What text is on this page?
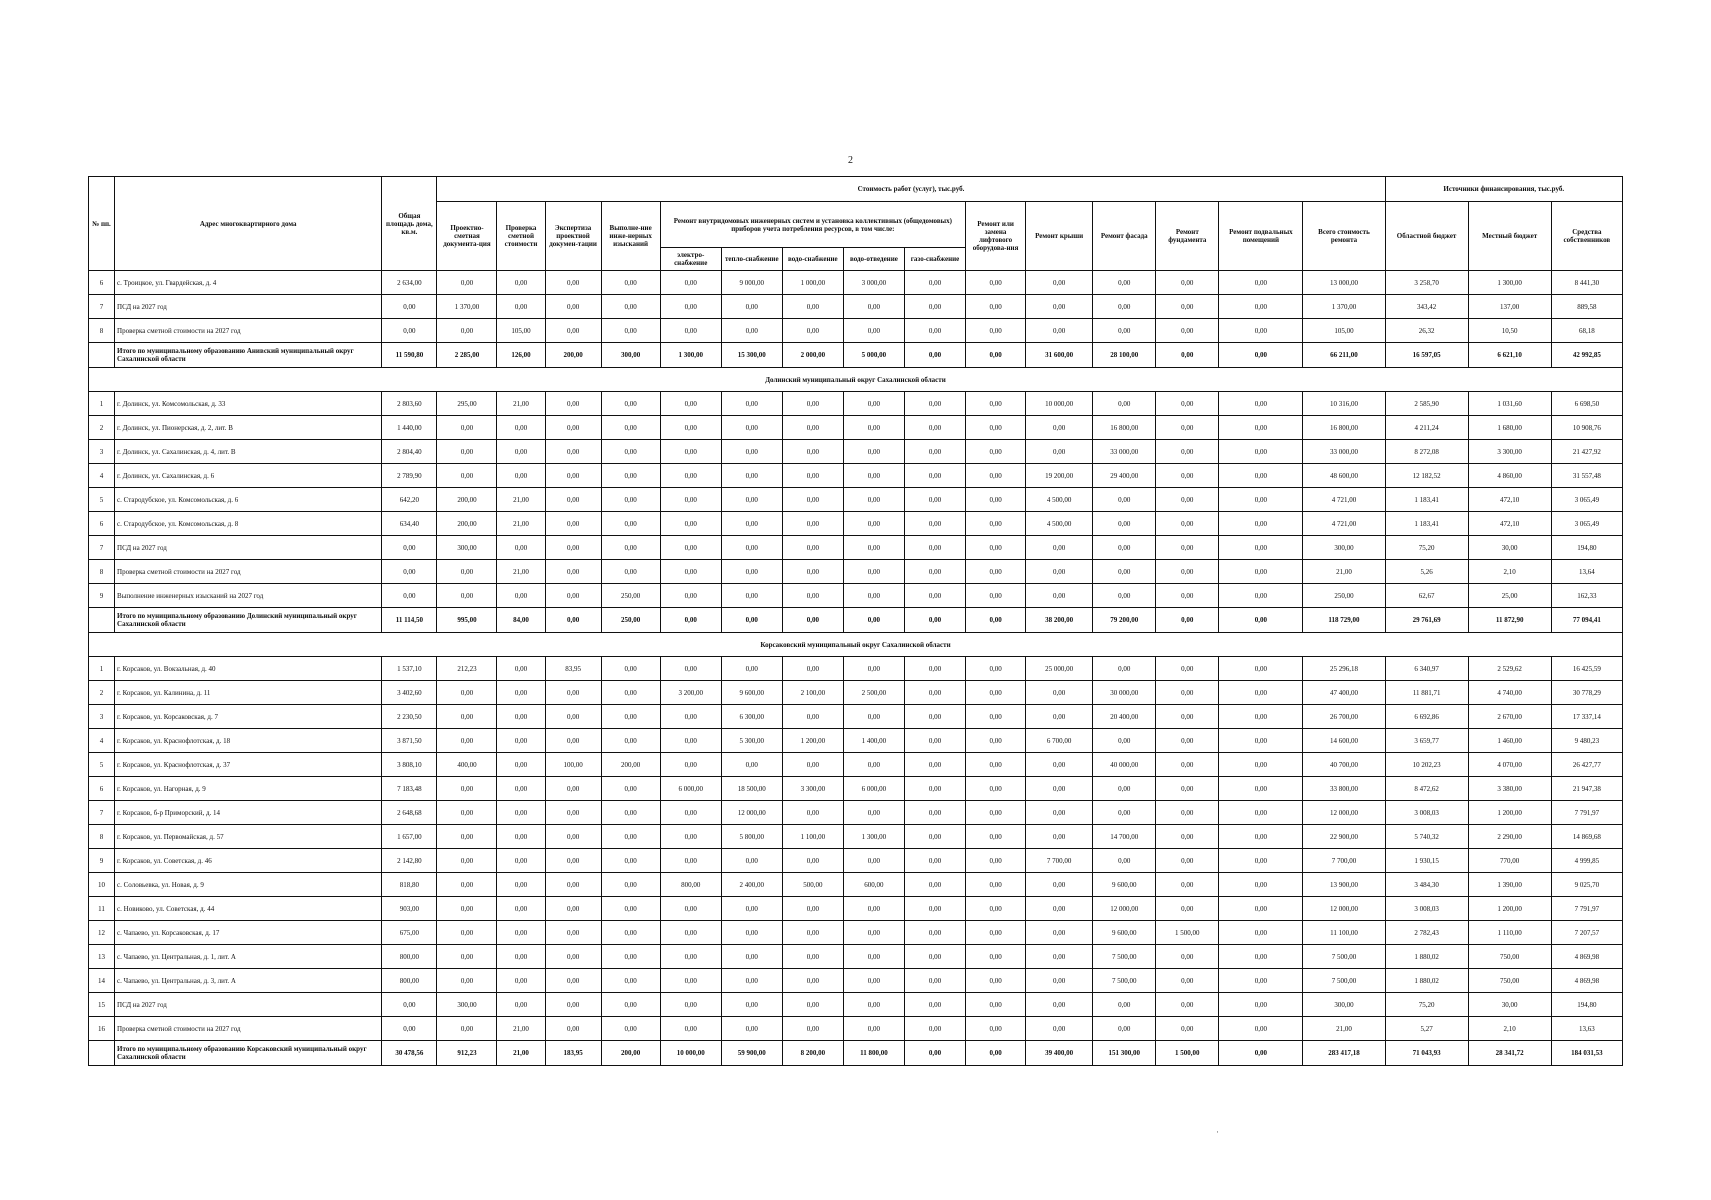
2
№ пп.	Адрес многоквартирного дома	Общая площадь дома, кв.м.	Стоимость работ (услуг), тыс.руб.															Источники финансирования, тыс.руб.		
			Проектно-сметная документа-ция	Проверка сметной стоимости	Экспертиза проектной докумен-тации	Выполне-ние инже-нерных изысканий	Ремонт внутридомовых инженерных систем и установка коллективных (общедомовых) приборов учета потребления ресурсов, в том числе:					Ремонт или замена лифтового оборудова-ния	Ремонт крыши	Ремонт фасада	Ремонт фундамента	Ремонт подвальных помещений	Всего стоимость ремонта	Областной бюджет	Местный бюджет	Средства собственников
							электро-снабжение	тепло-снабжение	водо-снабжение	водо-отведение	газо-снабжение									
6	с. Троицкое, ул. Гвардейская, д. 4	2 634,00	0,00	0,00	0,00	0,00	0,00	9 000,00	1 000,00	3 000,00	0,00	0,00	0,00	0,00	0,00	0,00	13 000,00	3 258,70	1 300,00	8 441,30
7	ПСД на 2027 год	0,00	1 370,00	0,00	0,00	0,00	0,00	0,00	0,00	0,00	0,00	0,00	0,00	0,00	0,00	0,00	1 370,00	343,42	137,00	889,58
8	Проверка сметной стоимости на 2027 год	0,00	0,00	105,00	0,00	0,00	0,00	0,00	0,00	0,00	0,00	0,00	0,00	0,00	0,00	0,00	105,00	26,32	10,50	68,18
	Итого по муниципальному образованию Анивский муниципальный округ Сахалинской области	11 590,80	2 285,00	126,00	200,00	300,00	1 300,00	15 300,00	2 000,00	5 000,00	0,00	0,00	31 600,00	28 100,00	0,00	0,00	66 211,00	16 597,05	6 621,10	42 992,85
Долинский муниципальный округ Сахалинской области																				
1	г. Долинск, ул. Комсомольская, д. 33	2 803,60	295,00	21,00	0,00	0,00	0,00	0,00	0,00	0,00	0,00	0,00	10 000,00	0,00	0,00	0,00	10 316,00	2 585,90	1 031,60	6 698,50
2	г. Долинск, ул. Пионерская, д. 2, лит. В	1 440,00	0,00	0,00	0,00	0,00	0,00	0,00	0,00	0,00	0,00	0,00	0,00	16 800,00	0,00	0,00	16 800,00	4 211,24	1 680,00	10 908,76
3	г. Долинск, ул. Сахалинская, д. 4, лит. В	2 804,40	0,00	0,00	0,00	0,00	0,00	0,00	0,00	0,00	0,00	0,00	0,00	33 000,00	0,00	0,00	33 000,00	8 272,08	3 300,00	21 427,92
4	г. Долинск, ул. Сахалинская, д. 6	2 789,90	0,00	0,00	0,00	0,00	0,00	0,00	0,00	0,00	0,00	0,00	19 200,00	29 400,00	0,00	0,00	48 600,00	12 182,52	4 860,00	31 557,48
5	с. Стародубское, ул. Комсомольская, д. 6	642,20	200,00	21,00	0,00	0,00	0,00	0,00	0,00	0,00	0,00	0,00	4 500,00	0,00	0,00	0,00	4 721,00	1 183,41	472,10	3 065,49
6	с. Стародубское, ул. Комсомольская, д. 8	634,40	200,00	21,00	0,00	0,00	0,00	0,00	0,00	0,00	0,00	0,00	4 500,00	0,00	0,00	0,00	4 721,00	1 183,41	472,10	3 065,49
7	ПСД на 2027 год	0,00	300,00	0,00	0,00	0,00	0,00	0,00	0,00	0,00	0,00	0,00	0,00	0,00	0,00	0,00	300,00	75,20	30,00	194,80
8	Проверка сметной стоимости на 2027 год	0,00	0,00	21,00	0,00	0,00	0,00	0,00	0,00	0,00	0,00	0,00	0,00	0,00	0,00	0,00	21,00	5,26	2,10	13,64
9	Выполнение инженерных изысканий на 2027 год	0,00	0,00	0,00	0,00	250,00	0,00	0,00	0,00	0,00	0,00	0,00	0,00	0,00	0,00	0,00	250,00	62,67	25,00	162,33
	Итого по муниципальному образованию Долинский муниципальный округ Сахалинской области	11 114,50	995,00	84,00	0,00	250,00	0,00	0,00	0,00	0,00	0,00	0,00	38 200,00	79 200,00	0,00	0,00	118 729,00	29 761,69	11 872,90	77 094,41
Корсаковский муниципальный округ Сахалинской области																				
1	г. Корсаков, ул. Вокзальная, д. 40	1 537,10	212,23	0,00	83,95	0,00	0,00	0,00	0,00	0,00	0,00	0,00	25 000,00	0,00	0,00	0,00	25 296,18	6 340,97	2 529,62	16 425,59
2	г. Корсаков, ул. Калинина, д. 11	3 402,60	0,00	0,00	0,00	0,00	3 200,00	9 600,00	2 100,00	2 500,00	0,00	0,00	0,00	30 000,00	0,00	0,00	47 400,00	11 881,71	4 740,00	30 778,29
3	г. Корсаков, ул. Корсаковская, д. 7	2 230,50	0,00	0,00	0,00	0,00	0,00	6 300,00	0,00	0,00	0,00	0,00	0,00	20 400,00	0,00	0,00	26 700,00	6 692,86	2 670,00	17 337,14
4	г. Корсаков, ул. Краснофлотская, д. 18	3 871,50	0,00	0,00	0,00	0,00	0,00	5 300,00	1 200,00	1 400,00	0,00	0,00	6 700,00	0,00	0,00	0,00	14 600,00	3 659,77	1 460,00	9 480,23
5	г. Корсаков, ул. Краснофлотская, д. 37	3 808,10	400,00	0,00	100,00	200,00	0,00	0,00	0,00	0,00	0,00	0,00	0,00	40 000,00	0,00	0,00	40 700,00	10 202,23	4 070,00	26 427,77
6	г. Корсаков, ул. Нагорная, д. 9	7 183,48	0,00	0,00	0,00	0,00	6 000,00	18 500,00	3 300,00	6 000,00	0,00	0,00	0,00	0,00	0,00	0,00	33 800,00	8 472,62	3 380,00	21 947,38
7	г. Корсаков, б-р Приморский, д. 14	2 648,68	0,00	0,00	0,00	0,00	0,00	12 000,00	0,00	0,00	0,00	0,00	0,00	0,00	0,00	0,00	12 000,00	3 008,03	1 200,00	7 791,97
8	г. Корсаков, ул. Первомайская, д. 57	1 657,00	0,00	0,00	0,00	0,00	0,00	5 800,00	1 100,00	1 300,00	0,00	0,00	0,00	14 700,00	0,00	0,00	22 900,00	5 740,32	2 290,00	14 869,68
9	г. Корсаков, ул. Советская, д. 46	2 142,80	0,00	0,00	0,00	0,00	0,00	0,00	0,00	0,00	0,00	0,00	7 700,00	0,00	0,00	0,00	7 700,00	1 930,15	770,00	4 999,85
10	с. Соловьевка, ул. Новая, д. 9	818,80	0,00	0,00	0,00	0,00	800,00	2 400,00	500,00	600,00	0,00	0,00	0,00	9 600,00	0,00	0,00	13 900,00	3 484,30	1 390,00	9 025,70
11	с. Новиково, ул. Советская, д. 44	903,00	0,00	0,00	0,00	0,00	0,00	0,00	0,00	0,00	0,00	0,00	0,00	12 000,00	0,00	0,00	12 000,00	3 008,03	1 200,00	7 791,97
12	с. Чапаево, ул. Корсаковская, д. 17	675,00	0,00	0,00	0,00	0,00	0,00	0,00	0,00	0,00	0,00	0,00	0,00	9 600,00	1 500,00	0,00	11 100,00	2 782,43	1 110,00	7 207,57
13	с. Чапаево, ул. Центральная, д. 1, лит. А	800,00	0,00	0,00	0,00	0,00	0,00	0,00	0,00	0,00	0,00	0,00	0,00	7 500,00	0,00	0,00	7 500,00	1 880,02	750,00	4 869,98
14	с. Чапаево, ул. Центральная, д. 3, лит. А	800,00	0,00	0,00	0,00	0,00	0,00	0,00	0,00	0,00	0,00	0,00	0,00	7 500,00	0,00	0,00	7 500,00	1 880,02	750,00	4 869,98
15	ПСД на 2027 год	0,00	300,00	0,00	0,00	0,00	0,00	0,00	0,00	0,00	0,00	0,00	0,00	0,00	0,00	0,00	300,00	75,20	30,00	194,80
16	Проверка сметной стоимости на 2027 год	0,00	0,00	21,00	0,00	0,00	0,00	0,00	0,00	0,00	0,00	0,00	0,00	0,00	0,00	0,00	21,00	5,27	2,10	13,63
	Итого по муниципальному образованию Корсаковский муниципальный округ Сахалинской области	30 478,56	912,23	21,00	183,95	200,00	10 000,00	59 900,00	8 200,00	11 800,00	0,00	0,00	39 400,00	151 300,00	1 500,00	0,00	283 417,18	71 043,93	28 341,72	184 031,53
·
